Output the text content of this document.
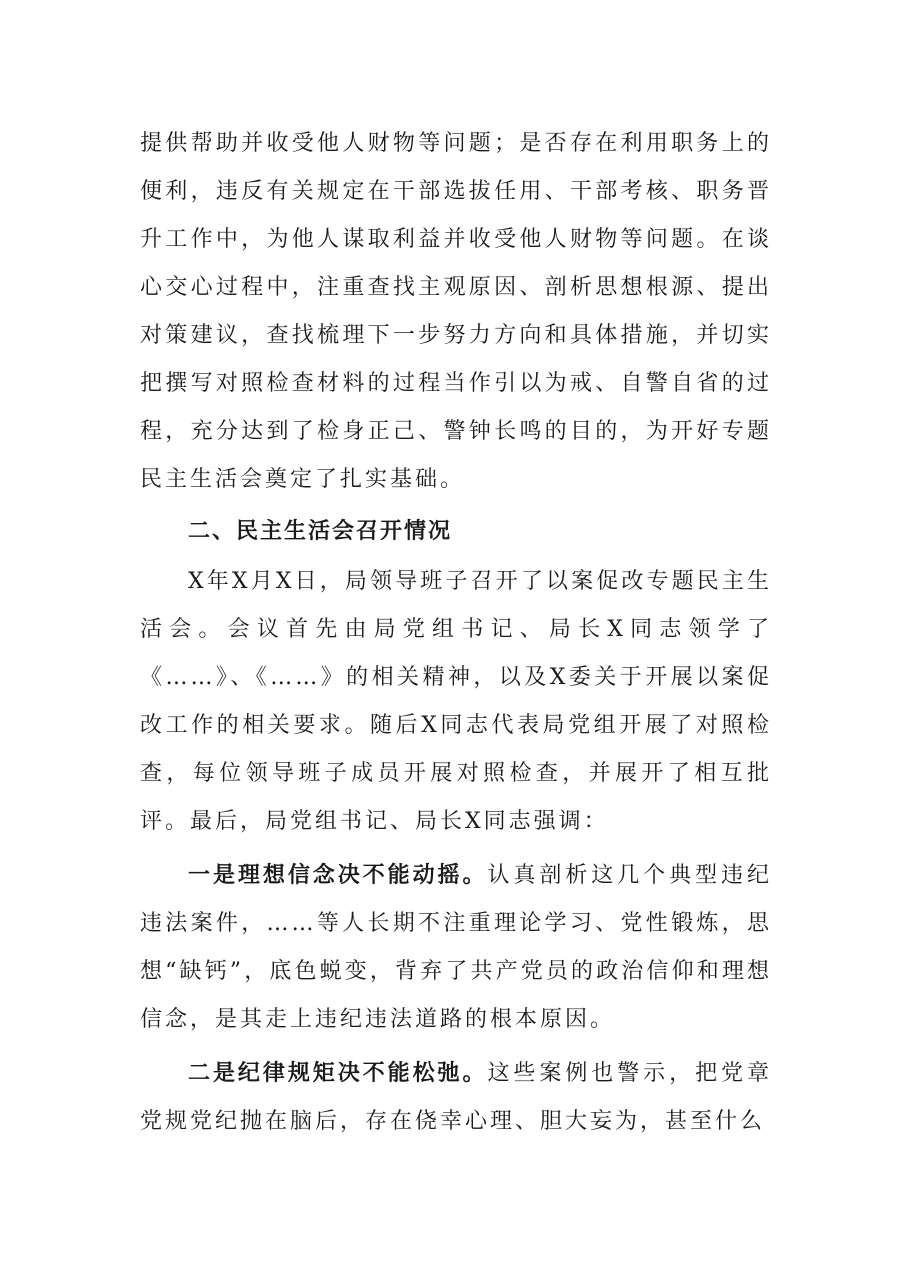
提供帮助并收受他人财物等问题；是否存在利用职务上的便利，违反有关规定在干部选拔任用、干部考核、职务晋升工作中，为他人谋取利益并收受他人财物等问题。在谈心交心过程中，注重查找主观原因、剖析思想根源、提出对策建议，查找梳理下一步努力方向和具体措施，并切实把撰写对照检查材料的过程当作引以为戒、自警自省的过程，充分达到了检身正己、警钟长鸣的目的，为开好专题民主生活会奠定了扎实基础。

二、民主生活会召开情况

X年X月X日，局领导班子召开了以案促改专题民主生活会。会议首先由局党组书记、局长X同志领学了《……》、《……》的相关精神，以及X委关于开展以案促改工作的相关要求。随后X同志代表局党组开展了对照检查，每位领导班子成员开展对照检查，并展开了相互批评。最后，局党组书记、局长X同志强调：

一是理想信念决不能动摇。认真剖析这几个典型违纪违法案件，……等人长期不注重理论学习、党性锻炼，思想“缺钙”，底色蜕变，背弃了共产党员的政治信仰和理想信念，是其走上违纪违法道路的根本原因。

二是纪律规矩决不能松弛。这些案例也警示，把党章党规党纪抛在脑后，存在侥幸心理、胆大妄为，甚至什么
